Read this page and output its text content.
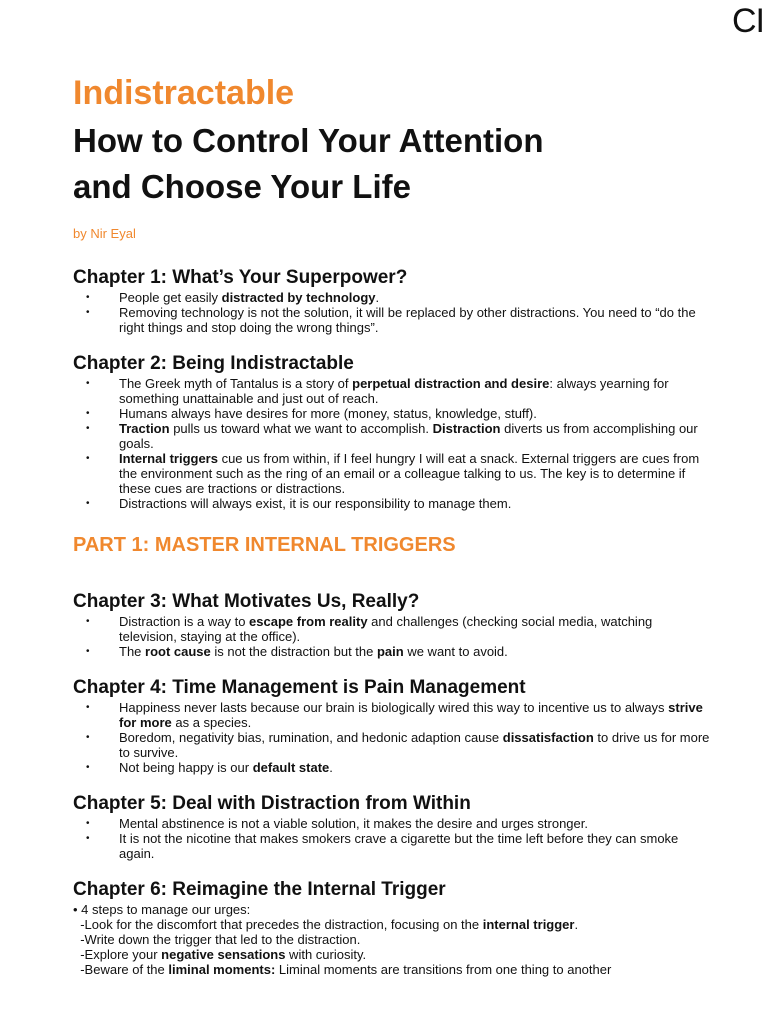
CI
Indistractable
How to Control Your Attention
and Choose Your Life

by Nir Eyal

Chapter 1: What’s Your Superpower?
• People get easily distracted by technology.
• Removing technology is not the solution, it will be replaced by other distractions. You need to “do the right things and stop doing the wrong things”.
Chapter 2: Being Indistractable
• The Greek myth of Tantalus is a story of perpetual distraction and desire: always yearning for something unattainable and just out of reach.
• Humans always have desires for more (money, status, knowledge, stuff).
• Traction pulls us toward what we want to accomplish. Distraction diverts us from accomplishing our goals.
• Internal triggers cue us from within, if I feel hungry I will eat a snack. External triggers are cues from the environment such as the ring of an email or a colleague talking to us. The key is to determine if these cues are tractions or distractions.
• Distractions will always exist, it is our responsibility to manage them.
PART 1: MASTER INTERNAL TRIGGERS
Chapter 3: What Motivates Us, Really?
• Distraction is a way to escape from reality and challenges (checking social media, watching television, staying at the office).
• The root cause is not the distraction but the pain we want to avoid.
Chapter 4: Time Management is Pain Management
• Happiness never lasts because our brain is biologically wired this way to incentive us to always strive for more as a species.
• Boredom, negativity bias, rumination, and hedonic adaption cause dissatisfaction to drive us for more to survive.
• Not being happy is our default state.
Chapter 5: Deal with Distraction from Within
• Mental abstinence is not a viable solution, it makes the desire and urges stronger.
• It is not the nicotine that makes smokers crave a cigarette but the time left before they can smoke again.
Chapter 6: Reimagine the Internal Trigger
• 4 steps to manage our urges:
-Look for the discomfort that precedes the distraction, focusing on the internal trigger.
-Write down the trigger that led to the distraction.
-Explore your negative sensations with curiosity.
-Beware of the liminal moments: Liminal moments are transitions from one thing to another
